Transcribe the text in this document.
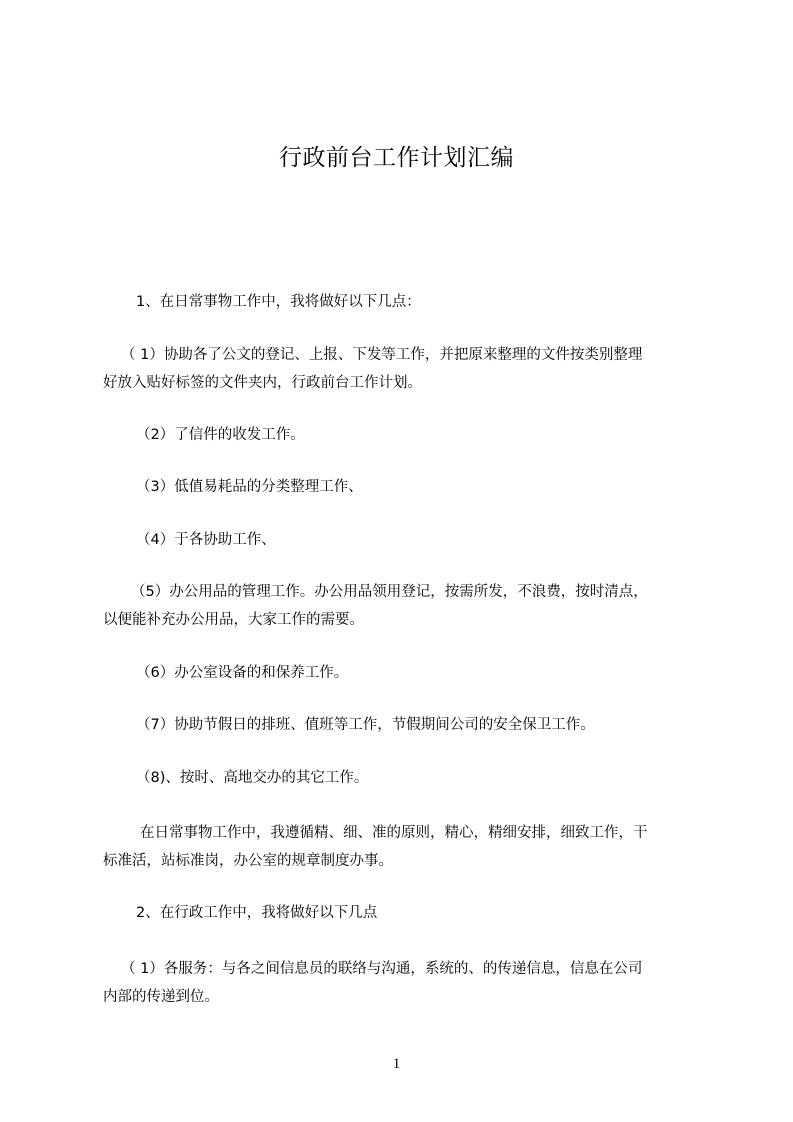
行政前台工作计划汇编
1、在日常事物工作中，我将做好以下几点：
（ 1）协助各了公文的登记、上报、下发等工作，并把原来整理的文件按类别整理
好放入贴好标签的文件夹内，行政前台工作计划。
（2）了信件的收发工作。
（3）低值易耗品的分类整理工作、
（4）于各协助工作、
（5）办公用品的管理工作。办公用品领用登记，按需所发，不浪费，按时清点，
以便能补充办公用品，大家工作的需要。
（6）办公室设备的和保养工作。
（7）协助节假日的排班、值班等工作，节假期间公司的安全保卫工作。
（8)、按时、高地交办的其它工作。
在日常事物工作中，我遵循精、细、准的原则，精心，精细安排，细致工作，干
标准活，站标准岗，办公室的规章制度办事。
2、在行政工作中，我将做好以下几点
（ 1）各服务：与各之间信息员的联络与沟通，系统的、的传递信息，信息在公司
内部的传递到位。
1
